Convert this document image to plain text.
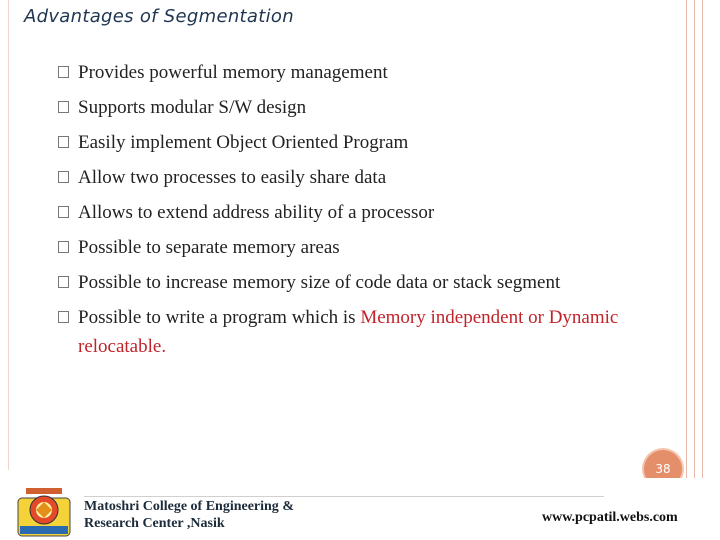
Advantages of Segmentation
Provides powerful memory management
Supports modular S/W design
Easily implement Object Oriented Program
Allow two processes to easily share data
Allows to extend address ability of a processor
Possible to separate memory areas
Possible to increase memory size of code data or stack segment
Possible to write a program which is Memory independent or Dynamic relocatable.
38
Matoshri College of Engineering &
Research Center ,Nasik	www.pcpatil.webs.com
